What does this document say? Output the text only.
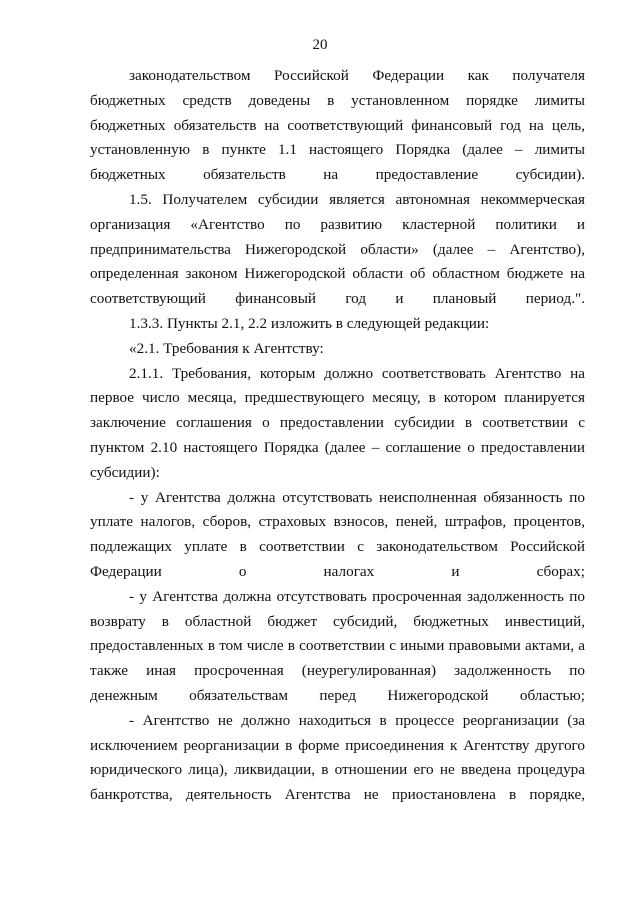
20

законодательством Российской Федерации как получателя бюджетных средств доведены в установленном порядке лимиты бюджетных обязательств на соответствующий финансовый год на цель, установленную в пункте 1.1 настоящего Порядка (далее – лимиты бюджетных обязательств на предоставление субсидии).

1.5. Получателем субсидии является автономная некоммерческая организация «Агентство по развитию кластерной политики и предпринимательства Нижегородской области» (далее – Агентство), определенная законом Нижегородской области об областном бюджете на соответствующий финансовый год и плановый период.".

1.3.3. Пункты 2.1, 2.2 изложить в следующей редакции:

«2.1. Требования к Агентству:

2.1.1. Требования, которым должно соответствовать Агентство на первое число месяца, предшествующего месяцу, в котором планируется заключение соглашения о предоставлении субсидии в соответствии с пунктом 2.10 настоящего Порядка (далее – соглашение о предоставлении субсидии):

- у Агентства должна отсутствовать неисполненная обязанность по уплате налогов, сборов, страховых взносов, пеней, штрафов, процентов, подлежащих уплате в соответствии с законодательством Российской Федерации о налогах и сборах;

- у Агентства должна отсутствовать просроченная задолженность по возврату в областной бюджет субсидий, бюджетных инвестиций, предоставленных в том числе в соответствии с иными правовыми актами, а также иная просроченная (неурегулированная) задолженность по денежным обязательствам перед Нижегородской областью;

- Агентство не должно находиться в процессе реорганизации (за исключением реорганизации в форме присоединения к Агентству другого юридического лица), ликвидации, в отношении его не введена процедура банкротства, деятельность Агентства не приостановлена в порядке,
